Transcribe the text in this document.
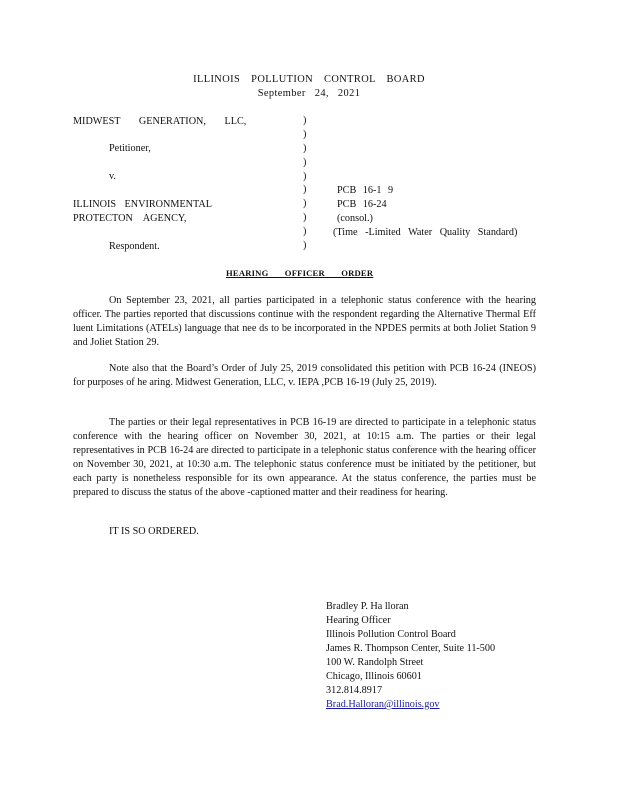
ILLINOIS POLLUTION CONTROL BOARD
September 24, 2021
MIDWEST GENERATION, LLC,
Petitioner,
v.
ILLINOIS ENVIRONMENTAL
PROTECTON AGENCY,
Respondent.
)
)
)
)
)
)
)
)
)
)
PCB 16-1 9
PCB 16-24
(consol.)
(Time -Limited Water Quality Standard)
HEARING OFFICER ORDER
On September 23, 2021, all parties participated in a telephonic status conference with the hearing officer. The parties reported that discussions continue with the respondent regarding the Alternative Thermal Eff luent Limitations (ATELs) language that nee ds to be incorporated in the NPDES permits at both Joliet Station 9 and Joliet Station 29.
Note also that the Board’s Order of July 25, 2019 consolidated this petition with PCB 16-24 (INEOS) for purposes of he aring. Midwest Generation, LLC, v. IEPA ,PCB 16-19 (July 25, 2019).
The parties or their legal representatives in PCB 16-19 are directed to participate in a telephonic status conference with the hearing officer on November 30, 2021, at 10:15 a.m. The parties or their legal representatives in PCB 16-24 are directed to participate in a telephonic status conference with the hearing officer on November 30, 2021, at 10:30 a.m. The telephonic status conference must be initiated by the petitioner, but each party is nonetheless responsible for its own appearance. At the status conference, the parties must be prepared to discuss the status of the above -captioned matter and their readiness for hearing.
IT IS SO ORDERED.
Bradley P. Ha lloran
Hearing Officer
Illinois Pollution Control Board
James R. Thompson Center, Suite 11-500
100 W. Randolph Street
Chicago, Illinois 60601
312.814.8917
Brad.Halloran@illinois.gov
